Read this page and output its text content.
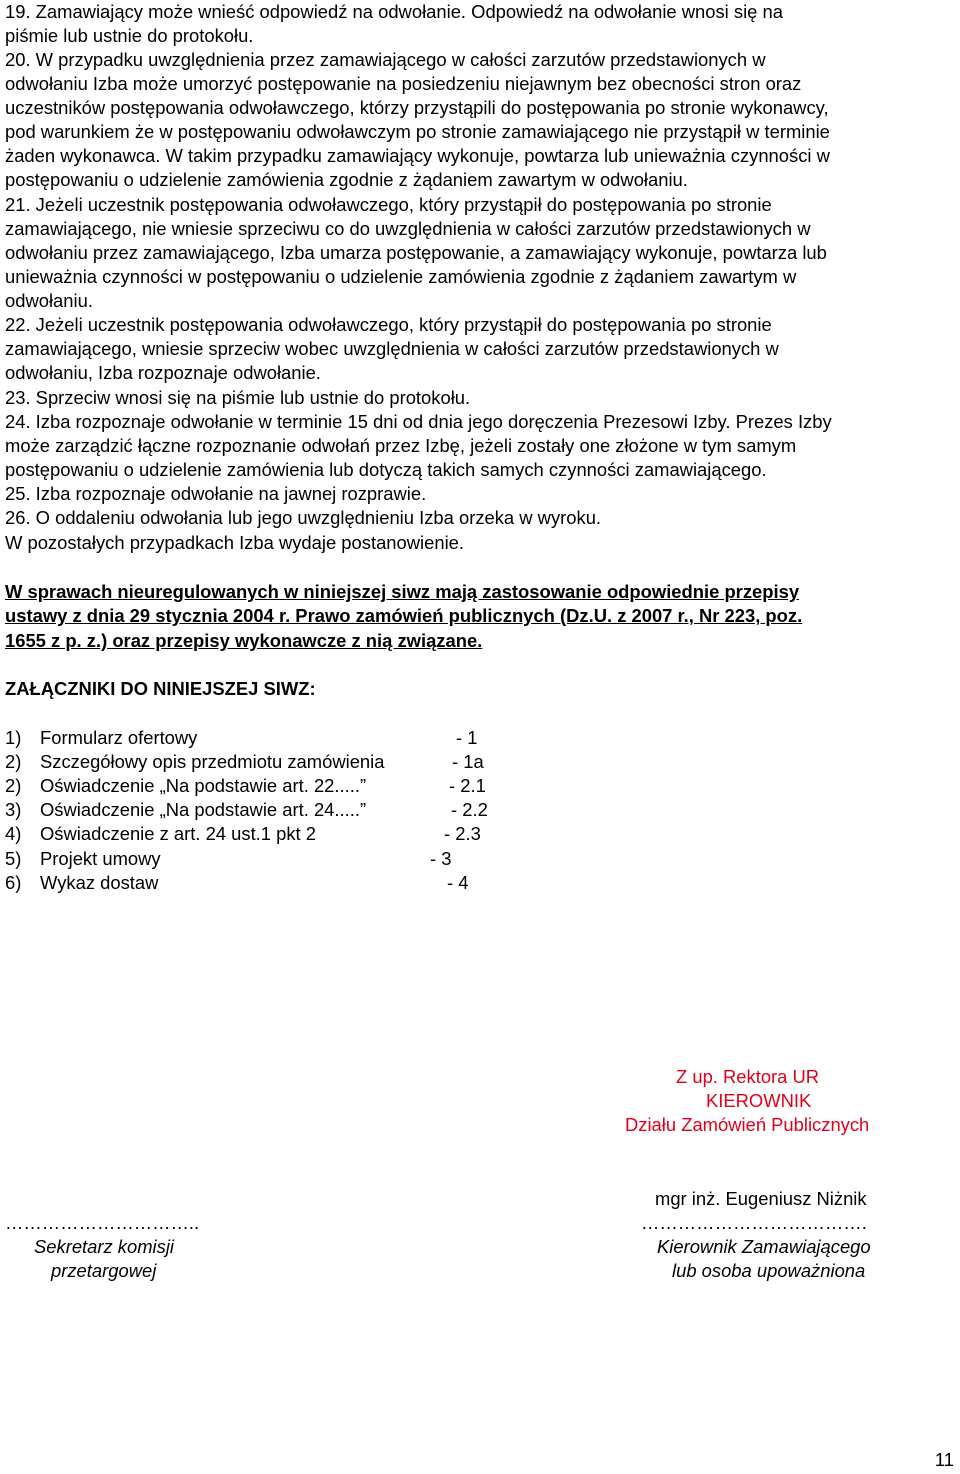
19. Zamawiający może wnieść odpowiedź na odwołanie. Odpowiedź na odwołanie wnosi się na

piśmie lub ustnie do protokołu.

20. W przypadku uwzględnienia przez zamawiającego w całości zarzutów przedstawionych w

odwołaniu Izba może umorzyć postępowanie na posiedzeniu niejawnym bez obecności stron oraz

uczestników postępowania odwoławczego, którzy przystąpili do postępowania po stronie wykonawcy,

pod warunkiem że w postępowaniu odwoławczym po stronie zamawiającego nie przystąpił w terminie

żaden wykonawca. W takim przypadku zamawiający wykonuje, powtarza lub unieważnia czynności w

postępowaniu o udzielenie zamówienia zgodnie z żądaniem zawartym w odwołaniu.

21. Jeżeli uczestnik postępowania odwoławczego, który przystąpił do postępowania po stronie

zamawiającego, nie wniesie sprzeciwu co do uwzględnienia w całości zarzutów przedstawionych w

odwołaniu przez zamawiającego, Izba umarza postępowanie, a zamawiający wykonuje, powtarza lub

unieważnia czynności w postępowaniu o udzielenie zamówienia zgodnie z żądaniem zawartym w

odwołaniu.

22. Jeżeli uczestnik postępowania odwoławczego, który przystąpił do postępowania po stronie

zamawiającego, wniesie sprzeciw wobec uwzględnienia w całości zarzutów przedstawionych w

odwołaniu, Izba rozpoznaje odwołanie.

23. Sprzeciw wnosi się na piśmie lub ustnie do protokołu.

24. Izba rozpoznaje odwołanie w terminie 15 dni od dnia jego doręczenia Prezesowi Izby. Prezes Izby

może zarządzić łączne rozpoznanie odwołań przez Izbę, jeżeli zostały one złożone w tym samym

postępowaniu o udzielenie zamówienia lub dotyczą takich samych czynności zamawiającego.

25. Izba rozpoznaje odwołanie na jawnej rozprawie.

26. O oddaleniu odwołania lub jego uwzględnieniu Izba orzeka w wyroku.

W pozostałych przypadkach Izba wydaje postanowienie.

W sprawach nieuregulowanych w niniejszej siwz mają zastosowanie odpowiednie przepisy

ustawy z dnia 29 stycznia 2004 r. Prawo zamówień publicznych (Dz.U. z 2007 r., Nr 223, poz.

1655 z p. z.) oraz przepisy wykonawcze z nią związane.

ZAŁĄCZNIKI DO NINIEJSZEJ SIWZ:

1) Formularz ofertowy	- 1
2) Szczegółowy opis przedmiotu zamówienia	- 1a
2) Oświadczenie „Na podstawie art. 22.....”	- 2.1
3) Oświadczenie „Na podstawie art. 24.....”	- 2.2
4) Oświadczenie z art. 24 ust.1 pkt 2	- 2.3
5) Projekt umowy	- 3
6) Wykaz dostaw	- 4
Z up. Rektora UR
KIEROWNIK
Działu Zamówień Publicznych
mgr inż. Eugeniusz Niżnik
…………………………..	……………………………….
Sekretarz komisji
przetargowej
Kierownik Zamawiającego
lub osoba upoważniona
11
